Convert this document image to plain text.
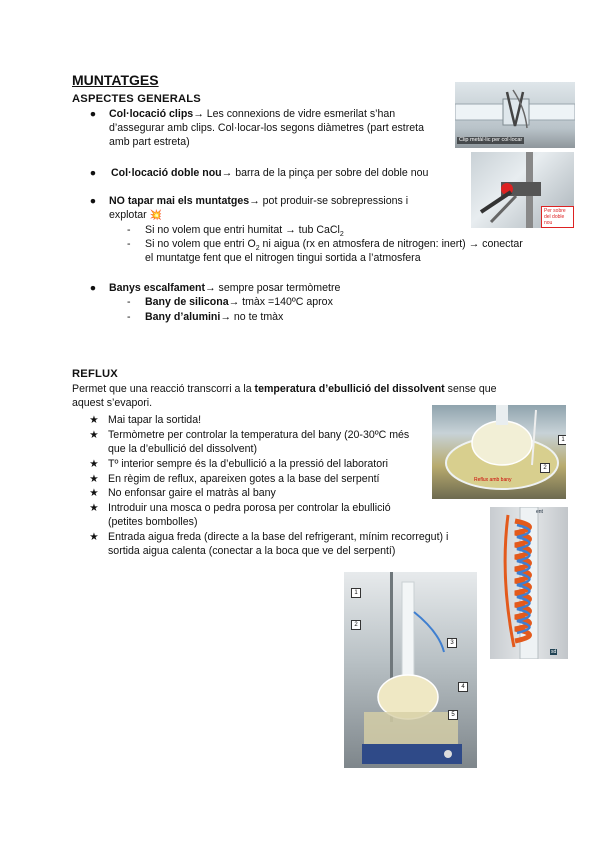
MUNTATGES
ASPECTES GENERALS
● Col·locació clips→ Les connexions de vidre esmerilat s’han
d’assegurar amb clips. Col·locar-los segons diàmetres (part estreta
amb part estreta)
● Col·locació doble nou→ barra de la pinça per sobre del doble nou
● NO tapar mai els muntatges→ pot produir-se sobrepressions i
explotar 💥
- Si no volem que entri humitat → tub CaCl$_2$
- Si no volem que entri $O_2$ ni aigua (rx en atmosfera de nitrogen: inert) → conectar
el muntatge fent que el nitrogen tingui sortida a l’atmosfera
● Banys escalfament→ sempre posar termòmetre
- Bany de silicona→ tmàx =140ºC aprox
- Bany d’alumini→ no te tmàx
REFLUX
Permet que una reacció transcorri a la temperatura d’ebullició del dissolvent sense que
aquest s’evapori.
★ Mai tapar la sortida!
★ Termòmetre per controlar la temperatura del bany (20-30ºC més
que la d’ebullició del dissolvent)
★ Tº interior sempre és la d’ebullició a la pressió del laboratori
★ En règim de reflux, apareixen gotes a la base del serpentí
★ No enfonsar gaire el matràs al bany
★ Introduir una mosca o pedra porosa per controlar la ebullició
(petites bombolles)
★ Entrada aigua freda (directe a la base del refrigerant, mínim recorregut) i
sortida aigua calenta (conectar a la boca que ve del serpentí)
Clip metàl·lic per col·locar
Per sobre
del doble nou
Reflux amb bany
1
2
ent
sd
1
2
3
4
5
